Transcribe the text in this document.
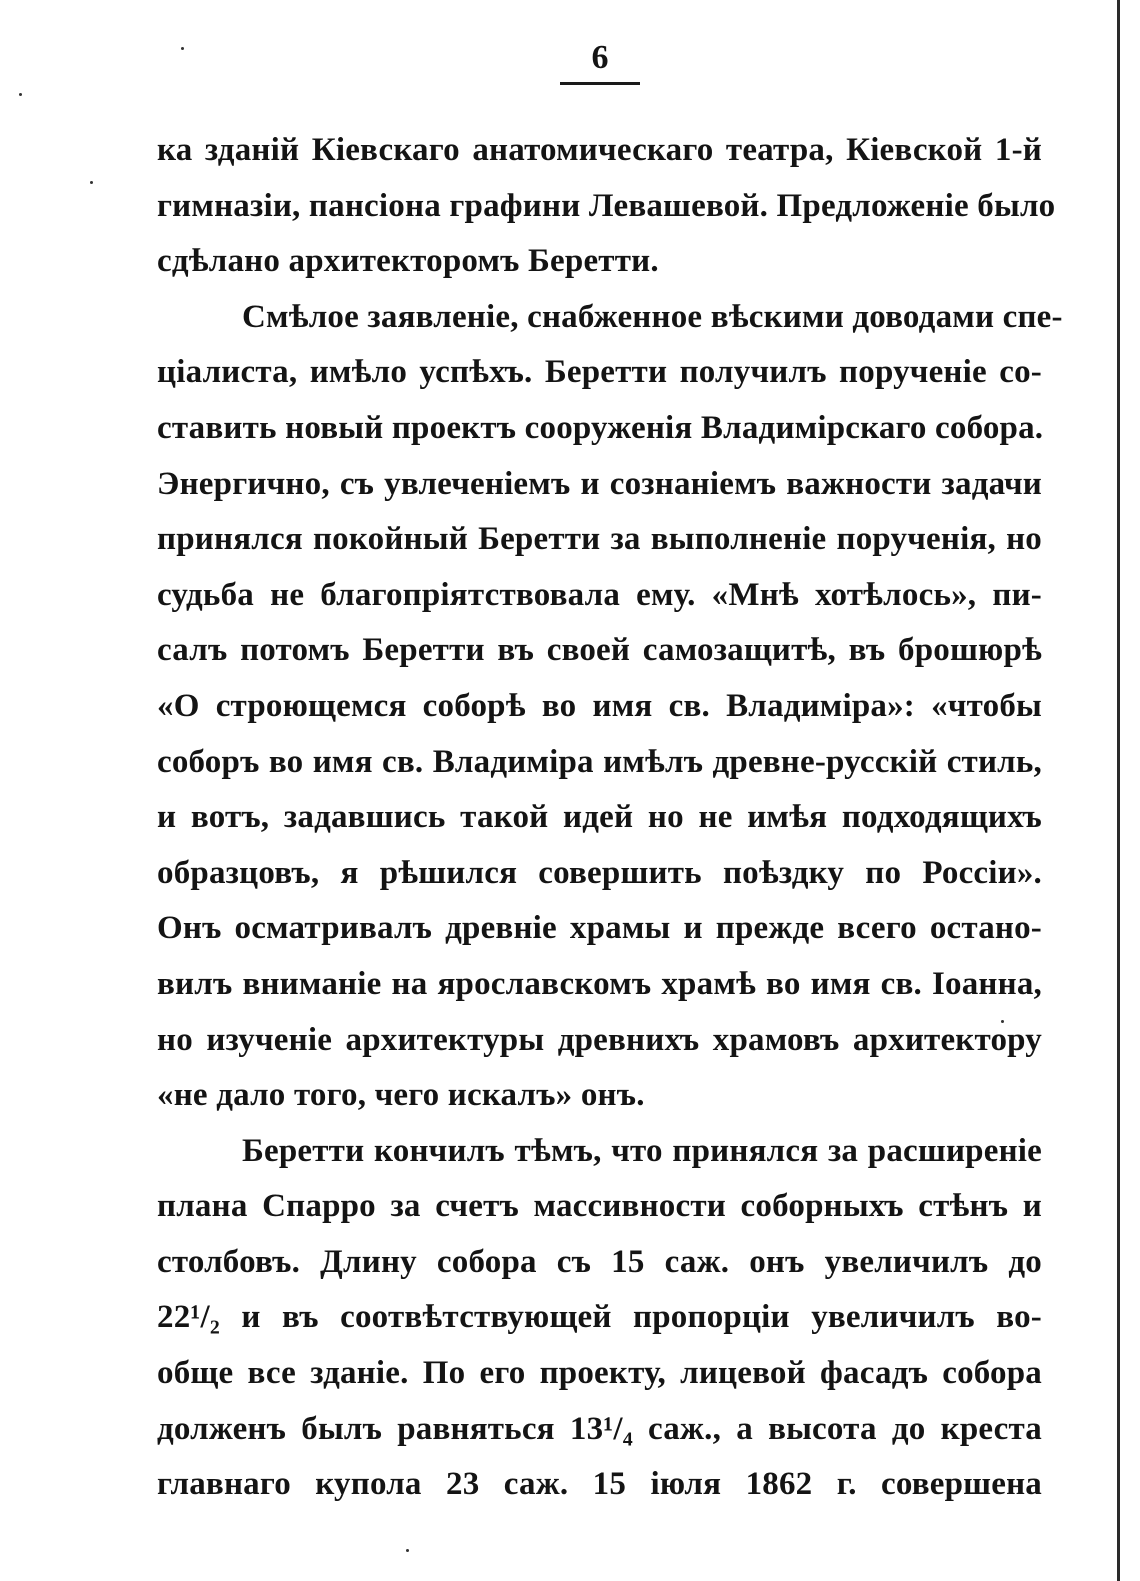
6
ка зданiй Кiевскаго анатомическаго театра, Кiевской 1-й
гимназiи, пансiона графини Левашевой. Предложенiе было
сдѣлано архитекторомъ Беретти.
Смѣлое заявленiе, снабженное вѣскими доводами спе-
цiалиста, имѣло успѣхъ. Беретти получилъ порученiе со-
ставить новый проектъ сооруженiя Владимiрскаго собора.
Энергично, съ увлеченiемъ и сознанiемъ важности задачи
принялся покойный Беретти за выполненiе порученiя, но
судьба не благопрiятствовала ему. «Мнѣ хотѣлось», пи-
салъ потомъ Беретти въ своей самозащитѣ, въ брошюрѣ
«О строющемся соборѣ во имя св. Владимiра»: «чтобы
соборъ во имя св. Владимiра имѣлъ древне-русскiй стиль,
и вотъ, задавшись такой идей но не имѣя подходящихъ
образцовъ, я рѣшился совершить поѣздку по Россiи».
Онъ осматривалъ древнiе храмы и прежде всего остано-
вилъ вниманiе на ярославскомъ храмѣ во имя св. Iоанна,
но изученiе архитектуры древнихъ храмовъ архитектору
«не дало того, чего искалъ» онъ.
Беретти кончилъ тѣмъ, что принялся за расширенiе
плана Спарро за счетъ массивности соборныхъ стѣнъ и
столбовъ. Длину собора съ 15 саж. онъ увеличилъ до
22¹/₂ и въ соотвѣтствующей пропорцiи увеличилъ во-
обще все зданiе. По его проекту, лицевой фасадъ собора
долженъ былъ равняться 13¹/₄ саж., а высота до креста
главнаго купола 23 саж. 15 iюля 1862 г. совершена
